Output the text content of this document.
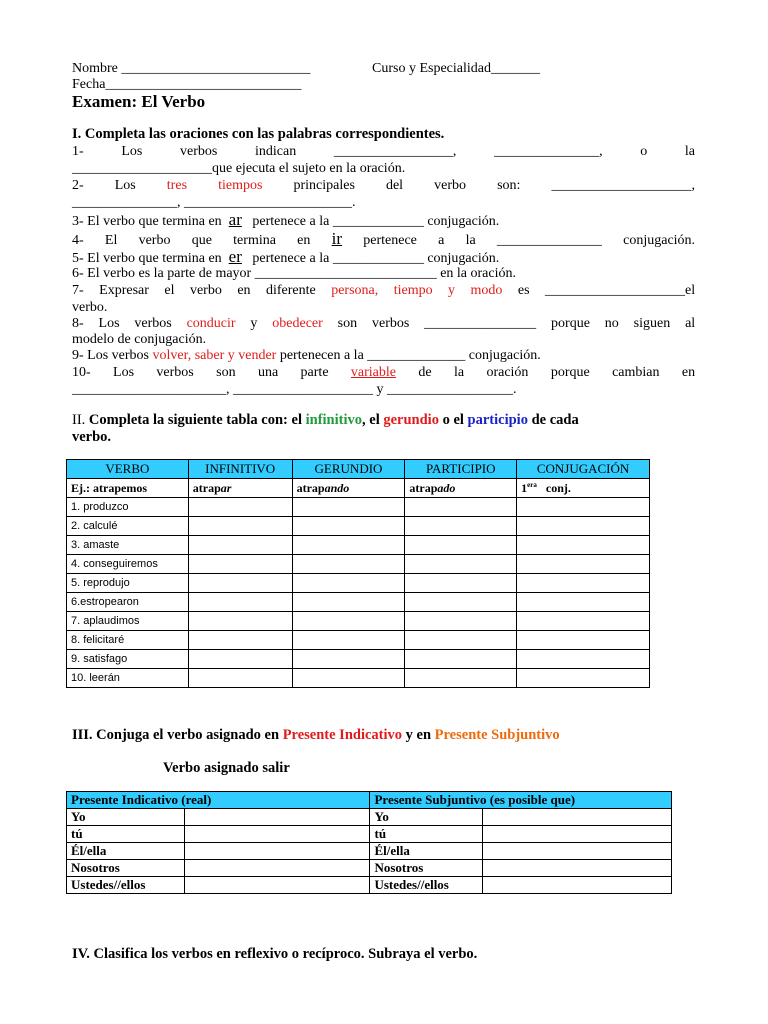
Nombre ___________________________	Curso y Especialidad_______
Fecha____________________________
Examen: El Verbo
I. Completa las oraciones con las palabras correspondientes.
1-	Los	verbos	indican	_________________,	_______________,	o	la
____________________que ejecuta el sujeto en la oración.
2- Los tres tiempos principales del verbo son: ____________________,
_______________, ________________________.
3- El verbo que termina en ar pertenece a la _____________ conjugación.
4- El verbo que termina en ir pertenece a la _______________ conjugación.
5- El verbo que termina en er pertenece a la _____________ conjugación.
6- El verbo es la parte de mayor __________________________ en la oración.
7- Expresar el verbo en diferente persona, tiempo y modo es ____________________el
verbo.
8- Los verbos conducir y obedecer son verbos ________________ porque no siguen al
modelo de conjugación.
9- Los verbos volver, saber y vender pertenecen a la ______________ conjugación.
10- Los verbos son una parte variable de la oración porque cambian en
______________________, ____________________ y __________________.
II. Completa la siguiente tabla con: el infinitivo, el gerundio o el participio de cada
verbo.
VERBO	INFINITIVO	GERUNDIO	PARTICIPIO	CONJUGACIÓN
Ej.: atrapemos	atrapar	atrapando	atrapado	$1^{era}$ conj.
1. produzco				
2. calculé				
3. amaste				
4. conseguiremos				
5. reprodujo				
6.estropearon				
7. aplaudimos				
8. felicitaré				
9. satisfago				
10. leerán				
III. Conjuga el verbo asignado en Presente Indicativo y en Presente Subjuntivo
Verbo asignado salir
Presente Indicativo (real)		Presente Subjuntivo (es posible que)	
Yo		Yo	
tú		tú	
Él/ella		Él/ella	
Nosotros		Nosotros	
Ustedes//ellos		Ustedes//ellos	
IV. Clasifica los verbos en reflexivo o recíproco. Subraya el verbo.
